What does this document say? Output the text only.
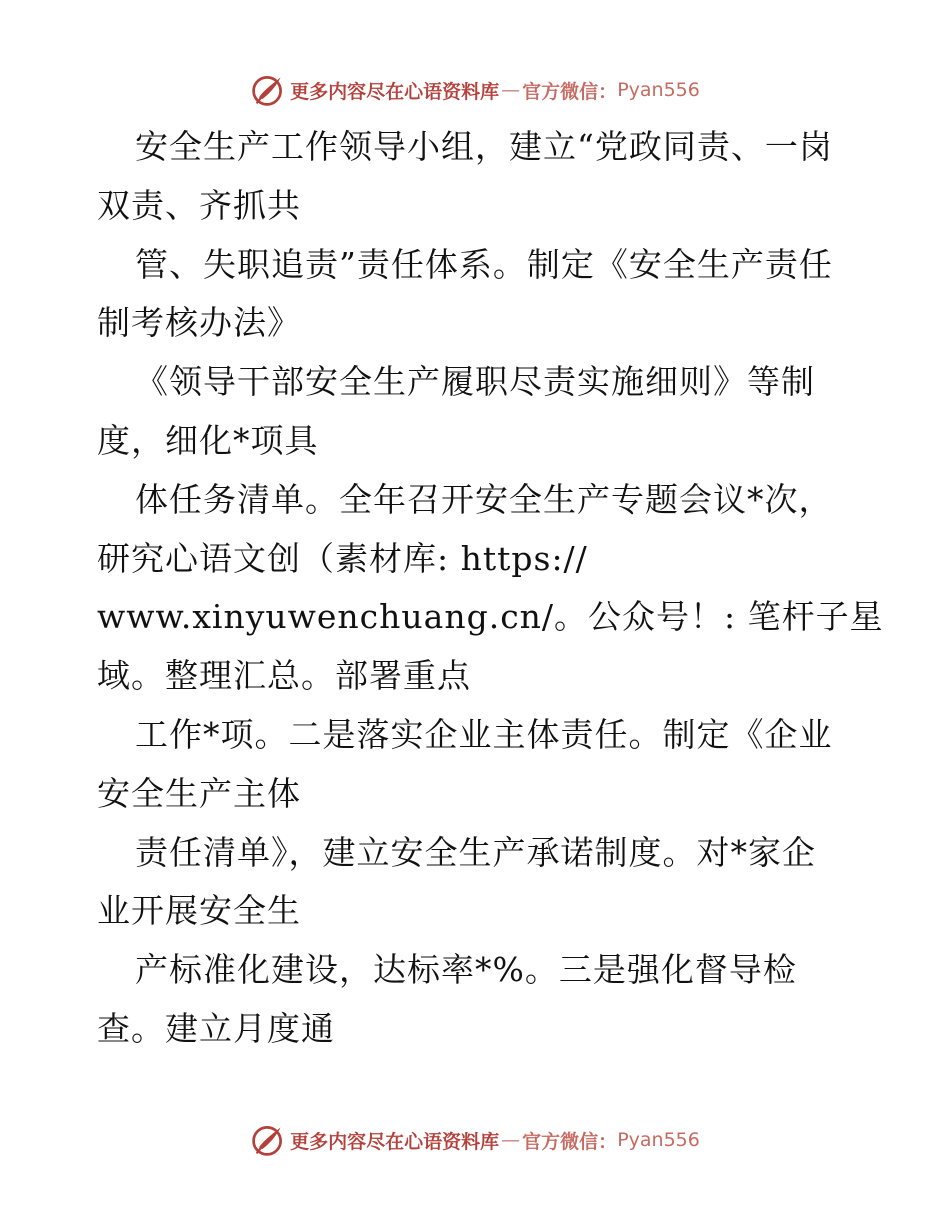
更多内容尽在心语资料库 — 官方微信： Pyan556
安全生产工作领导小组，建立“党政同责、一岗
双责、齐抓共
管、失职追责”责任体系。制定《安全生产责任
制考核办法》
《领导干部安全生产履职尽责实施细则》等制
度，细化*项具
体任务清单。全年召开安全生产专题会议*次，
研究心语文创（素材库: https://
www.xinyuwenchuang.cn/。公众号！: 笔杆子星
域。整理汇总。部署重点
工作*项。二是落实企业主体责任。制定《企业
安全生产主体
责任清单》，建立安全生产承诺制度。对*家企
业开展安全生
产标准化建设，达标率*%。三是强化督导检
查。建立月度通
更多内容尽在心语资料库 — 官方微信： Pyan556
